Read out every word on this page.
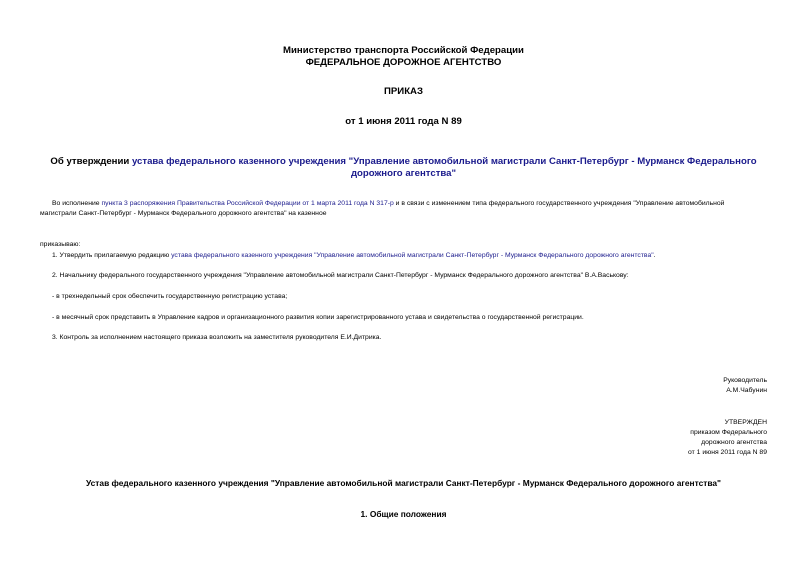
Министерство транспорта Российской Федерации
ФЕДЕРАЛЬНОЕ ДОРОЖНОЕ АГЕНТСТВО
ПРИКАЗ
от 1 июня 2011 года N 89
Об утверждении устава федерального казенного учреждения "Управление автомобильной магистрали Санкт-Петербург - Мурманск Федерального дорожного агентства"
Во исполнение пункта 3 распоряжения Правительства Российской Федерации от 1 марта 2011 года N 317-р и в связи с изменением типа федерального государственного учреждения "Управление автомобильной
магистрали Санкт-Петербург - Мурманск Федерального дорожного агентства" на казенное
приказываю:
1. Утвердить прилагаемую редакцию устава федерального казенного учреждения "Управление автомобильной магистрали Санкт-Петербург - Мурманск Федерального дорожного агентства".
2. Начальнику федерального государственного учреждения "Управление автомобильной магистрали Санкт-Петербург - Мурманск Федерального дорожного агентства" В.А.Васькову:
- в трехнедельный срок обеспечить государственную регистрацию устава;
- в месячный срок представить в Управление кадров и организационного развития копии зарегистрированного устава и свидетельства о государственной регистрации.
3. Контроль за исполнением настоящего приказа возложить на заместителя руководителя Е.И.Дитрика.
Руководитель
А.М.Чабунин
УТВЕРЖДЕН
приказом Федерального
дорожного агентства
от 1 июня 2011 года N 89
Устав федерального казенного учреждения "Управление автомобильной магистрали Санкт-Петербург - Мурманск Федерального дорожного агентства"
1. Общие положения
